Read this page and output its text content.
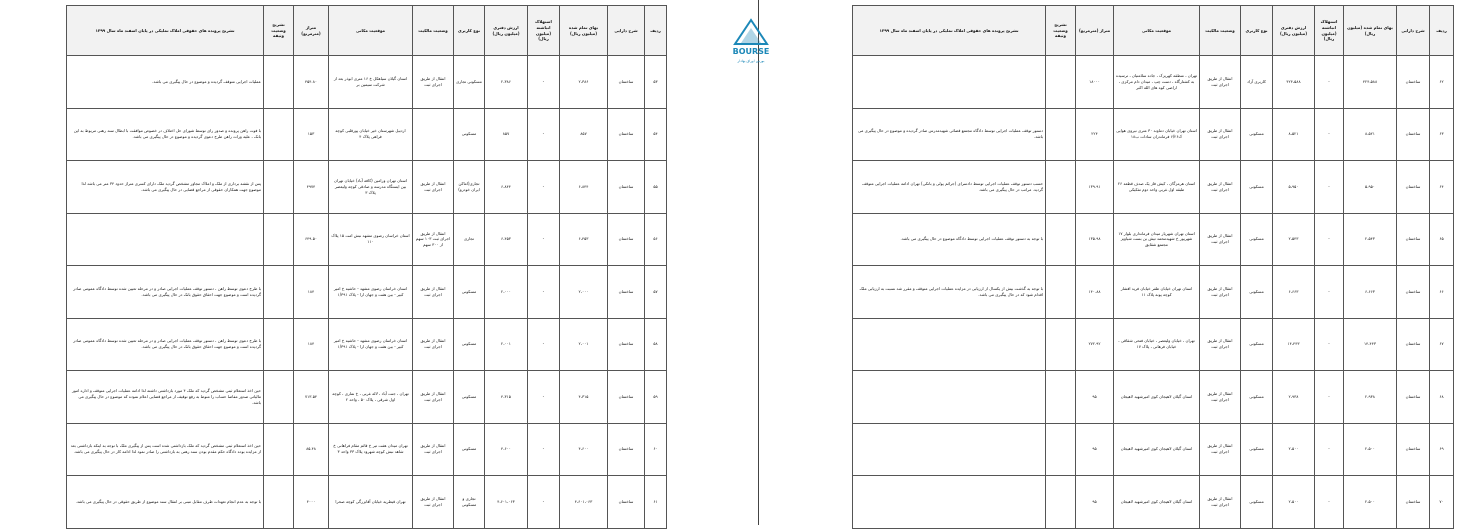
ردیف	شرح دارایی	بهای تمام شده (میلیون ریال)	استهلاک انباشته (میلیون ریال)	ارزش دفتری (میلیون ریال)	نوع کاربری	وضعیت مالکیت	موقعیت مکانی	متراژ (مترمربع)	تشریح وضعیت وثیقه	تشریح پرونده های حقوقی املاک تملیکی در پایان اسفند ماه سال ۱۳۹۹
۵۳	ساختمان	۲،۳۸۶	-	۲،۳۸۶	مسکونی تجاری	انتقال از طریق اجرای ثبت	استان گیلان سیاهکل خ ۱۶ متری ابوذر بعد از شرکت سیمین بر	۴۵۴.۸۰		عملیات اجرایی متوقف گردیده و موضوع در حال پیگیری می باشد.
۵۴	ساختمان	۸۵۷	-	۸۵۷	مسکونی		اردبیل شهرستان خیر خیابان پورقلبی کوچه فراهی پلاک ۴	۱۵۳		با فوت راهن پرونده و صدور رای توسط شورای حل اختلاف در خصوص موافقت با ابطال سند رهنی مربوط به این بانک ، علیه وراث راهن طرح دعوی گردیده و موضوع در حال پیگیری می باشد.
۵۵	ساختمان	۶،۸۴۴	-	۶،۸۴۴	تجاری(اماکن ایران خودرو)	انتقال از طریق اجرای ثبت	استان تهران ورامین (کافه آباد) خیابان تهران بین ایستگاه مدرسه و صادقی کوچه ولیعصر پلاک ۳	۴۹۷۴		پس از نقشه برداری از ملک و املاک مجاور مشخص گردید ملک دارای کسری متراژ حدود ۳۴ متر می باشد لذا موضوع جهت همکاران حقوقی از مراجع قضایی در حال پیگیری می باشد.
۵۶	ساختمان	۶،۴۵۳	-	۶،۴۵۳	تجاری	انتقال از طریق اجرای ثبت ۱۰۳ سهم از ۳۰۰ سهم	استان خراسان رضوی مشهد نبش امت ۱۵ پلاک ۱۱۰	۶۴۹.۵۰		
۵۷	ساختمان	۲،۰۰۰	-	۲،۰۰۰	مسکونی	انتقال از طریق اجرای ثبت	استان خراسان رضوی مشهد - حاشیه خ امیر کبیر - بین هفت و جهان ارا - پلاک ۱/۳۹۱	۱۸۴		با طرح دعوی توسط راهن ، دستور توقف عملیات اجرایی صادر و در مرحله تعیین شده توسط دادگاه عمومی صادر گردیده است و موضوع جهت احقاق حقوق بانک در حال پیگیری می باشد.
۵۸	ساختمان	۲،۰۰۱	-	۲،۰۰۱	مسکونی	انتقال از طریق اجرای ثبت	استان خراسان رضوی مشهد - حاشیه خ امیر کبیر - بین هفت و جهان ارا - پلاک ۱/۳۹۱	۱۸۴		با طرح دعوی توسط راهن ، دستور توقف عملیات اجرایی صادر و در مرحله تعیین شده توسط دادگاه عمومی صادر گردیده است و موضوع جهت احقاق حقوق بانک در حال پیگیری می باشد.
۵۹	ساختمان	۴،۳۱۵	-	۴،۳۱۵	مسکونی	انتقال از طریق اجرای ثبت	تهران ، جنت آباد ، لاله غربی ، خ نماری ، کوچه اول شرقی ، پلاک ۵۰ ، واحد ۲	۷۱۳.۵۴		حین اخذ استعلام ثبتی مشخص گردید که ملک ۴ مورد بازداشتی داشته لذا ادامه عملیات اجرایی متوقف و اداره امور مالیاتی صدور مفاصا حساب را منوط به رفع توقیف از مراجع قضایی اعلام نموده که موضوع در حال پیگیری می باشد.
۶۰	ساختمان	۴،۶۰۰	-	۴،۶۰۰	مسکونی	انتقال از طریق اجرای ثبت	تهران میدان هفت تیر خ قائم مقام فراهانی خ شاهد نبش کوچه شهرود پلاک ۳۳ واحد ۳	۸۵.۴۸		حین اخذ استعلام ثبتی مشخص گردید که ملک بازداشتی شده است پس از پیگیری ملک با توجه به اینکه بازداشتی بعد از مزایده بوده دادگاه حکم مقدم بودن سند رهنی به بازداشتی را صادر نمود لذا ادامه کار در حال پیگیری می باشد.
۶۱	ساختمان	۴،۶۰۱،۰۶۳	-	۴،۶۰۱،۰۶۳	تجاری و مسکونی	انتقال از طریق اجرای ثبت	تهران قیطریه خیابان آقابزرگی کوچه صحرا	۴۰۰۰		با توجه به عدم انجام تعهدات طرف مقابل مبنی بر انتقال سند موضوع از طریق حقوقی در حال پیگیری می باشد.
BOURSE
بورس اوراق بهادار
ردیف	شرح دارایی	بهای تمام شده (میلیون ریال)	استهلاک انباشته (میلیون ریال)	ارزش دفتری (میلیون ریال)	نوع کاربری	وضعیت مالکیت	موقعیت مکانی	متراژ (مترمربع)	تشریح وضعیت وثیقه	تشریح پرونده های حقوقی املاک تملیکی در پایان اسفند ماه سال ۱۳۹۹
۶۲	ساختمان	۴۲۴،۵۸۸	-	۴۲۴،۵۸۸	کاربری آزاد	انتقال از طریق اجرای ثبت	تهران ، منطقه کهریزک ، جاده سلامتیان ، ترسیده به کشتارگاه ، دست چپ ، میدان دام مرکزی ، اراضی کوه های الله اکبر	۱۸۰۰۰		
۶۳	ساختمان	۸،۵۲۱	-	۸،۵۲۱	مسکونی	انتقال از طریق اجرای ثبت	استان تهران خیابان دماوند ۳۰ متری نیروی هوایی ک۶/۲۶ فرماندران سادات ب۱۸	۲۲۴		دستور توقف عملیات اجرایی توسط دادگاه مجتمع قضائی شهیدمدرس صادر گردیده و موضوع در حال پیگیری می باشد.
۶۴	ساختمان	۵،۹۵۰	-	۵،۹۵۰	مسکونی	انتقال از طریق اجرای ثبت	استان هرمزگان ، کیش فاز یک صدف قطعه ۲۶ طبقه اول غربی واحد دوم تفکیکی	۱۳۹.۹۱		حسب دستور توقف عملیات اجرایی توسط دادسرای (جرائم پولی و بانکی) تهران ادامه عملیات اجرایی متوقف گردید. مراتب در حال پیگیری می باشد.
۶۵	ساختمان	۲،۵۴۳	-	۲،۵۴۳	مسکونی	انتقال از طریق اجرای ثبت	استان تهران شهریار میدان فرمانداری بلوار ۱۷ شهریور خ شهیدمحمد تیش بن بست شیاویز مجتمع شقایق	۱۳۵.۹۸		با توجه به دستور توقف عملیات اجرایی توسط دادگاه موضوع در حال پیگیری می باشد.
۶۶	ساختمان	۶،۶۶۳	-	۶،۶۶۳	مسکونی	انتقال از طریق اجرای ثبت	استان تهران خیابان ظفر خیابان فرید افشار کوچه پونه پلاک ۱۱	۱۴۰.۸۸		با توجه به گذشت بیش از یکسال از ارزیابی در مزایده عملیات اجرایی متوقف و مقرر شد نسبت به ارزیابی ملک اقدام شود که در حال پیگیری می باشد.
۶۷	ساختمان	۱۴،۴۴۳	-	۱۴،۴۴۳	مسکونی	انتقال از طریق اجرای ثبت	تهران ، خیابان ولیعصر ، خیابان فتحی شقاقی ، خیابان فرهانی ، پلاک ۱۷	۲۷۲.۹۲		
۶۸	ساختمان	۲،۹۳۸	-	۲،۹۳۸	مسکونی	انتقال از طریق اجرای ثبت	استان گیلان لاهیجان کوی امیرشهید لاهیجان	۹۵		
۶۹	ساختمان	۲،۵۰۰	-	۲،۵۰۰	مسکونی	انتقال از طریق اجرای ثبت	استان گیلان لاهیجان کوی امیرشهید لاهیجان	۹۵		
۷۰	ساختمان	۲،۵۰۰	-	۲،۵۰۰	مسکونی	انتقال از طریق اجرای ثبت	استان گیلان لاهیجان کوی امیرشهید لاهیجان	۹۵		
